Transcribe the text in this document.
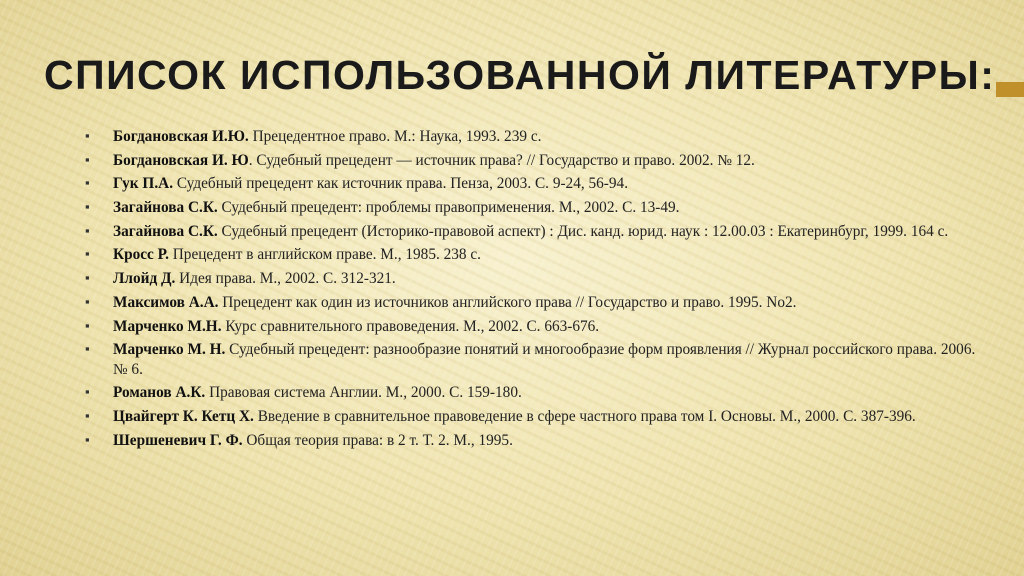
СПИСОК ИСПОЛЬЗОВАННОЙ ЛИТЕРАТУРЫ:
▪ Богдановская И.Ю. Прецедентное право. М.: Наука, 1993. 239 с.
▪ Богдановская И. Ю. Судебный прецедент — источник права? // Государство и право. 2002. № 12.
▪ Гук П.А. Судебный прецедент как источник права. Пенза, 2003. С. 9-24, 56-94.
▪ Загайнова С.К. Судебный прецедент: проблемы правоприменения. М., 2002. С. 13-49.
▪ Загайнова С.К. Судебный прецедент (Историко-правовой аспект) : Дис. канд. юрид. наук : 12.00.03 : Екатеринбург, 1999. 164 с.
▪ Кросс Р. Прецедент в английском праве. М., 1985. 238 с.
▪ Ллойд Д. Идея права. М., 2002. С. 312-321.
▪ Максимов А.А. Прецедент как один из источников английского права // Государство и право. 1995. No2.
▪ Марченко М.Н. Курс сравнительного правоведения. М., 2002. С. 663-676.
▪ Марченко М. Н. Судебный прецедент: разнообразие понятий и многообразие форм проявления // Журнал российского права. 2006. № 6.
▪ Романов А.К. Правовая система Англии. М., 2000. С. 159-180.
▪ Цвайгерт К. Кетц Х. Введение в сравнительное правоведение в сфере частного права том I. Основы. М., 2000. С. 387-396.
▪ Шершеневич Г. Ф. Общая теория права: в 2 т. Т. 2. М., 1995.
